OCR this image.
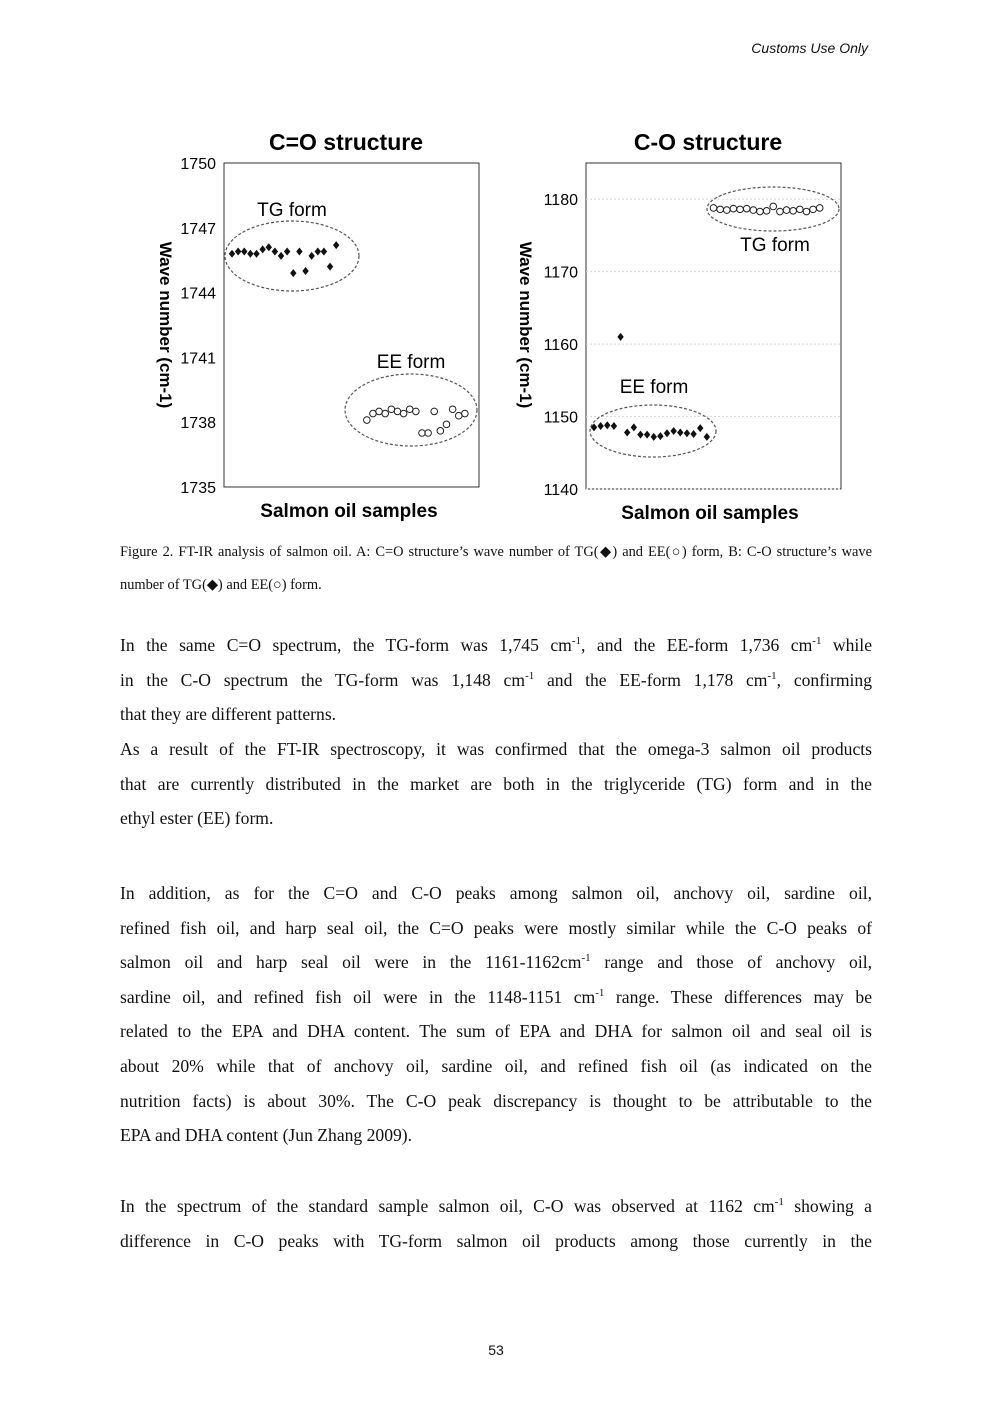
Customs Use Only
C=O structure
Wave number (cm-1)
Salmon oil samples
1750
1747
1744
1741
1738
1735
TG form
EE form
C-O structure
Wave number (cm-1)
Salmon oil samples
1180
1170
1160
1150
1140
TG form
EE form
Figure 2. FT-IR analysis of salmon oil. A: C=O structure’s wave number of TG(◆) and EE(○) form, B: C-O structure’s wave number of TG(◆) and EE(○) form.
In the same C=O spectrum, the TG-form was 1,745 $cm^{-1}$, and the EE-form 1,736 $cm^{-1}$ while
in the C-O spectrum the TG-form was 1,148 $cm^{-1}$ and the EE-form 1,178 $cm^{-1}$, confirming
that they are different patterns.
As a result of the FT-IR spectroscopy, it was confirmed that the omega-3 salmon oil products
that are currently distributed in the market are both in the triglyceride (TG) form and in the
ethyl ester (EE) form.
In addition, as for the C=O and C-O peaks among salmon oil, anchovy oil, sardine oil,
refined fish oil, and harp seal oil, the C=O peaks were mostly similar while the C-O peaks of
salmon oil and harp seal oil were in the $1161-1162cm^{-1}$ range and those of anchovy oil,
sardine oil, and refined fish oil were in the 1148-1151 $cm^{-1}$ range. These differences may be
related to the EPA and DHA content. The sum of EPA and DHA for salmon oil and seal oil is
about 20% while that of anchovy oil, sardine oil, and refined fish oil (as indicated on the
nutrition facts) is about 30%. The C-O peak discrepancy is thought to be attributable to the
EPA and DHA content (Jun Zhang 2009).
In the spectrum of the standard sample salmon oil, C-O was observed at 1162 $cm^{-1}$ showing a
difference in C-O peaks with TG-form salmon oil products among those currently in the
53
